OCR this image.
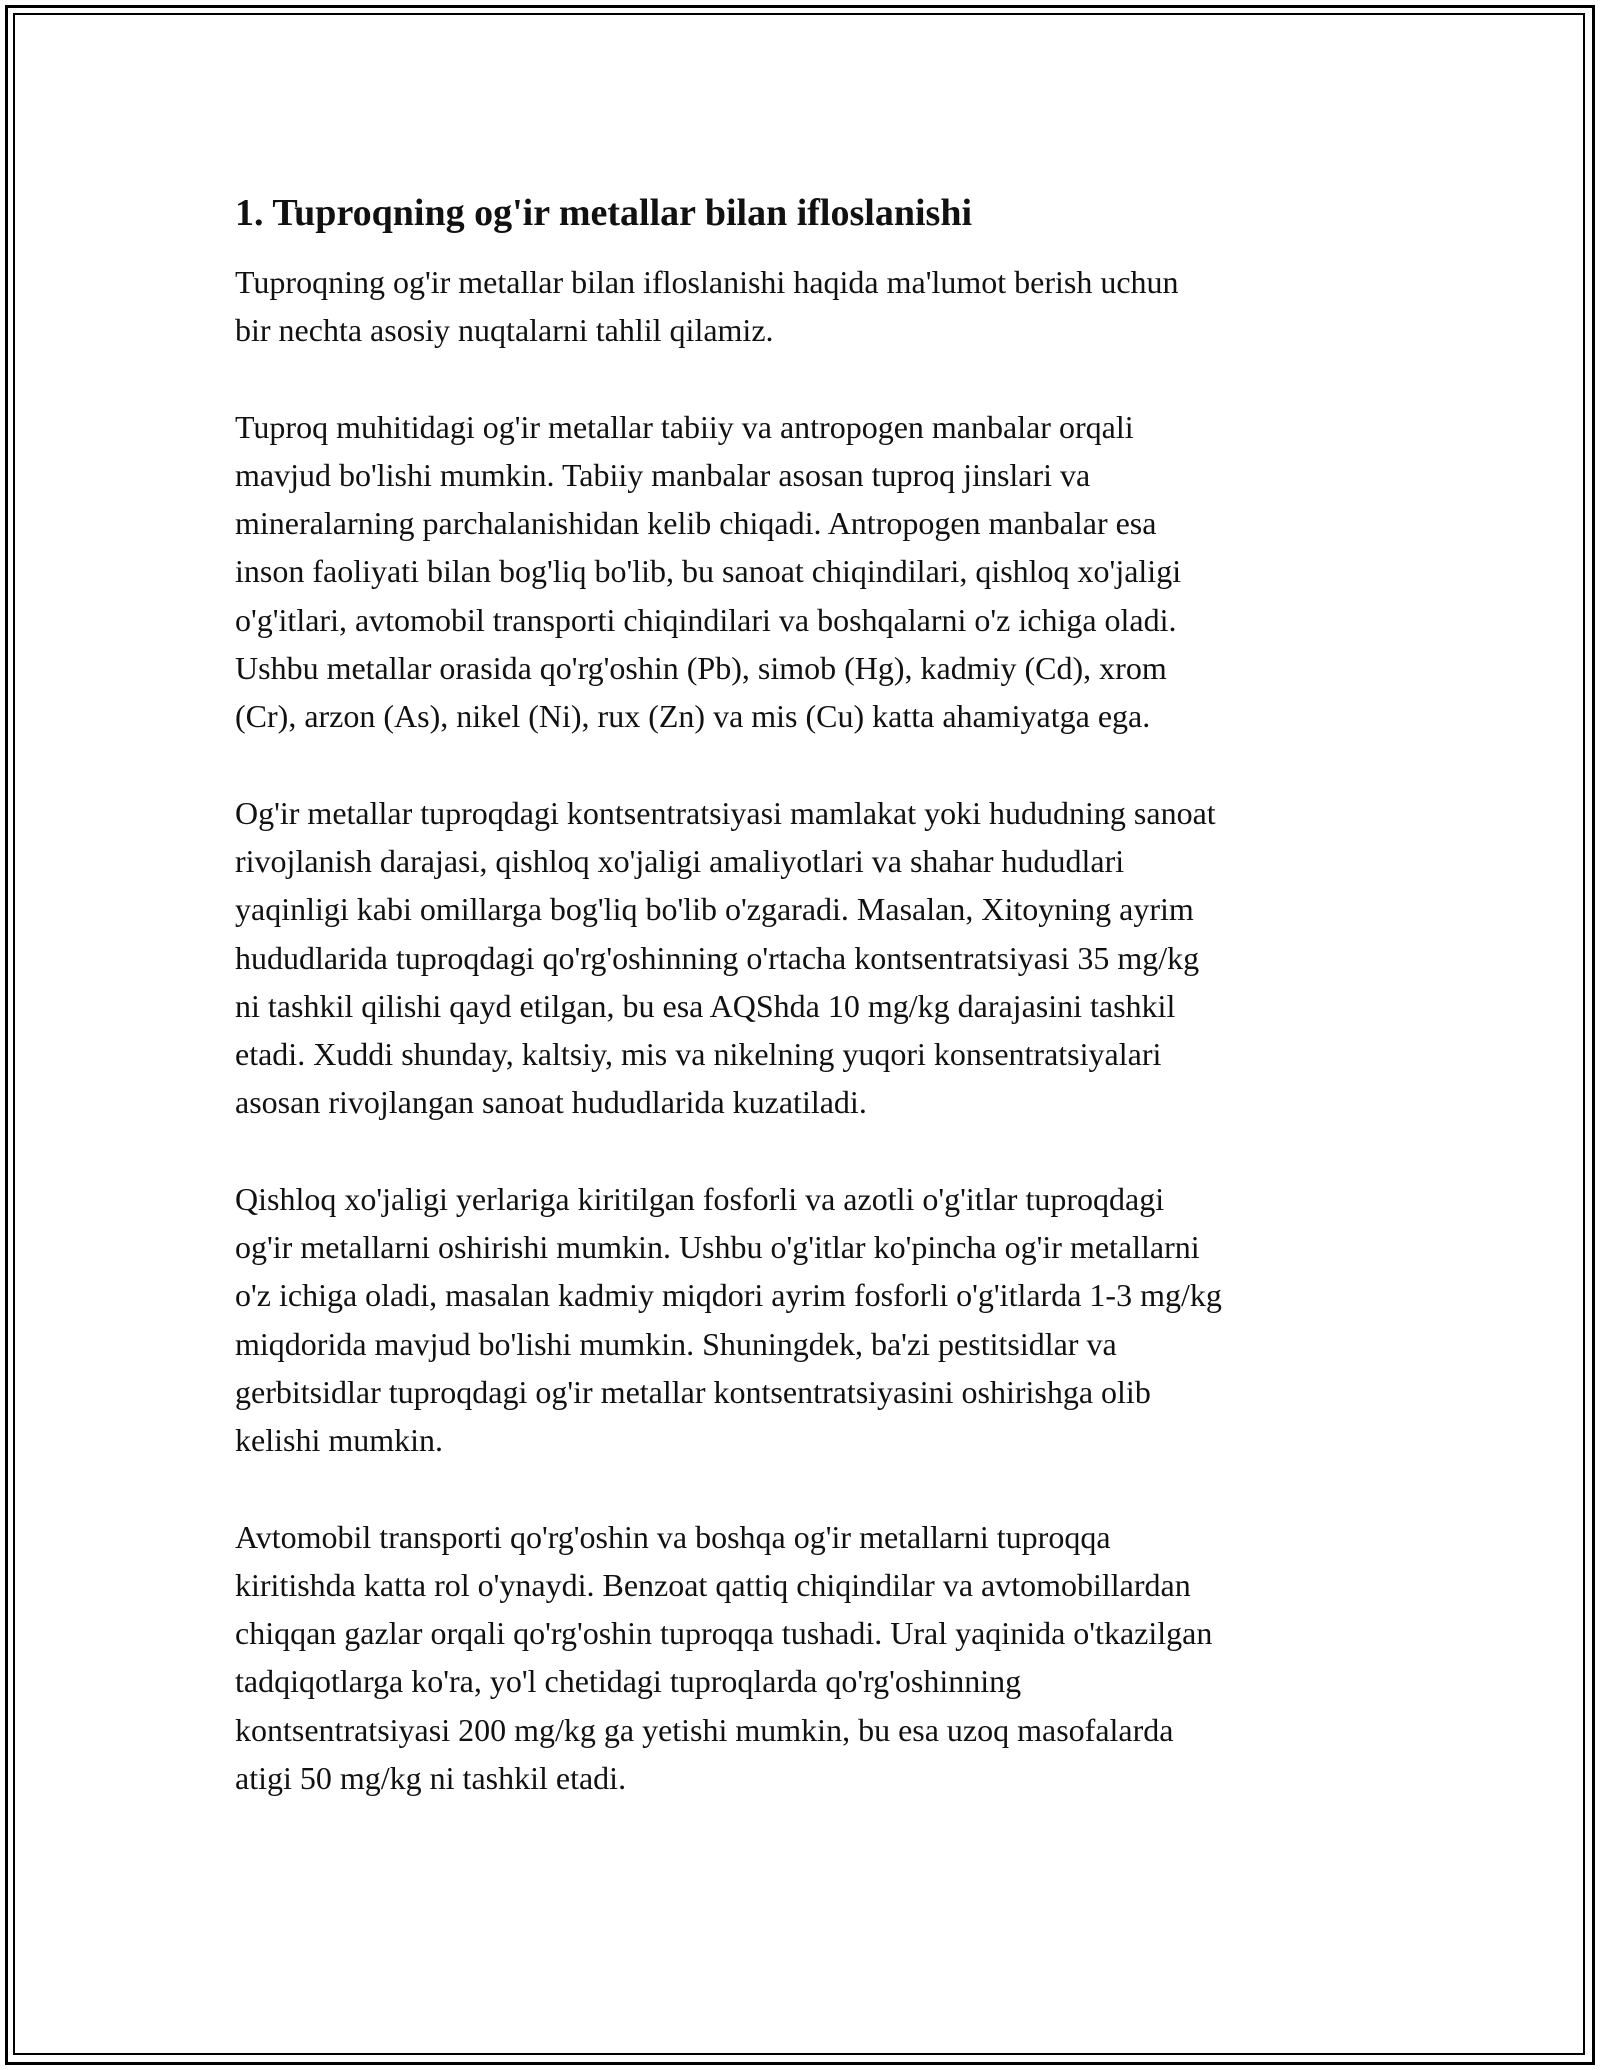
1. Tuproqning og'ir metallar bilan ifloslanishi

Tuproqning og'ir metallar bilan ifloslanishi haqida ma'lumot berish uchun
bir nechta asosiy nuqtalarni tahlil qilamiz.

Tuproq muhitidagi og'ir metallar tabiiy va antropogen manbalar orqali
mavjud bo'lishi mumkin. Tabiiy manbalar asosan tuproq jinslari va
mineralarning parchalanishidan kelib chiqadi. Antropogen manbalar esa
inson faoliyati bilan bog'liq bo'lib, bu sanoat chiqindilari, qishloq xo'jaligi
o'g'itlari, avtomobil transporti chiqindilari va boshqalarni o'z ichiga oladi.
Ushbu metallar orasida qo'rg'oshin (Pb), simob (Hg), kadmiy (Cd), xrom
(Cr), arzon (As), nikel (Ni), rux (Zn) va mis (Cu) katta ahamiyatga ega.

Og'ir metallar tuproqdagi kontsentratsiyasi mamlakat yoki hududning sanoat
rivojlanish darajasi, qishloq xo'jaligi amaliyotlari va shahar hududlari
yaqinligi kabi omillarga bog'liq bo'lib o'zgaradi. Masalan, Xitoyning ayrim
hududlarida tuproqdagi qo'rg'oshinning o'rtacha kontsentratsiyasi 35 mg/kg
ni tashkil qilishi qayd etilgan, bu esa AQShda 10 mg/kg darajasini tashkil
etadi. Xuddi shunday, kaltsiy, mis va nikelning yuqori konsentratsiyalari
asosan rivojlangan sanoat hududlarida kuzatiladi.

Qishloq xo'jaligi yerlariga kiritilgan fosforli va azotli o'g'itlar tuproqdagi
og'ir metallarni oshirishi mumkin. Ushbu o'g'itlar ko'pincha og'ir metallarni
o'z ichiga oladi, masalan kadmiy miqdori ayrim fosforli o'g'itlarda 1-3 mg/kg
miqdorida mavjud bo'lishi mumkin. Shuningdek, ba'zi pestitsidlar va
gerbitsidlar tuproqdagi og'ir metallar kontsentratsiyasini oshirishga olib
kelishi mumkin.

Avtomobil transporti qo'rg'oshin va boshqa og'ir metallarni tuproqqa
kiritishda katta rol o'ynaydi. Benzoat qattiq chiqindilar va avtomobillardan
chiqqan gazlar orqali qo'rg'oshin tuproqqa tushadi. Ural yaqinida o'tkazilgan
tadqiqotlarga ko'ra, yo'l chetidagi tuproqlarda qo'rg'oshinning
kontsentratsiyasi 200 mg/kg ga yetishi mumkin, bu esa uzoq masofalarda
atigi 50 mg/kg ni tashkil etadi.
